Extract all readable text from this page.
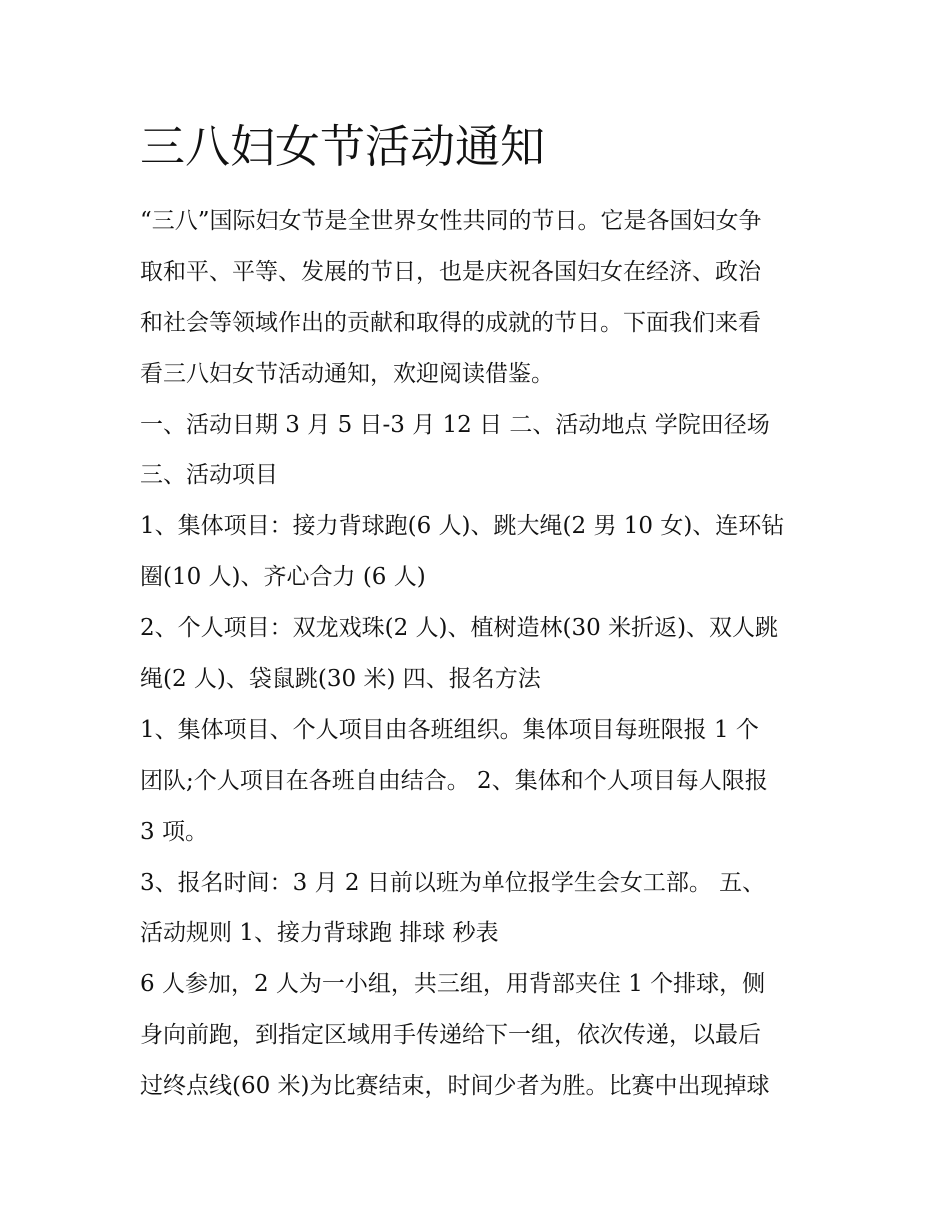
三八妇女节活动通知

“三八”国际妇女节是全世界女性共同的节日。它是各国妇女争

取和平、平等、发展的节日，也是庆祝各国妇女在经济、政治

和社会等领域作出的贡献和取得的成就的节日。下面我们来看

看三八妇女节活动通知，欢迎阅读借鉴。

一、活动日期 3 月 5 日-3 月 12 日 二、活动地点 学院田径场

三、活动项目

1、集体项目：接力背球跑(6 人)、跳大绳(2 男 10 女)、连环钻

圈(10 人)、齐心合力 (6 人)

2、个人项目：双龙戏珠(2 人)、植树造林(30 米折返)、双人跳

绳(2 人)、袋鼠跳(30 米) 四、报名方法

1、集体项目、个人项目由各班组织。集体项目每班限报 1 个

团队;个人项目在各班自由结合。 2、集体和个人项目每人限报

3 项。

3、报名时间：3 月 2 日前以班为单位报学生会女工部。 五、

活动规则 1、接力背球跑 排球 秒表

6 人参加，2 人为一小组，共三组，用背部夹住 1 个排球，侧

身向前跑，到指定区域用手传递给下一组，依次传递，以最后

过终点线(60 米)为比赛结束，时间少者为胜。比赛中出现掉球
